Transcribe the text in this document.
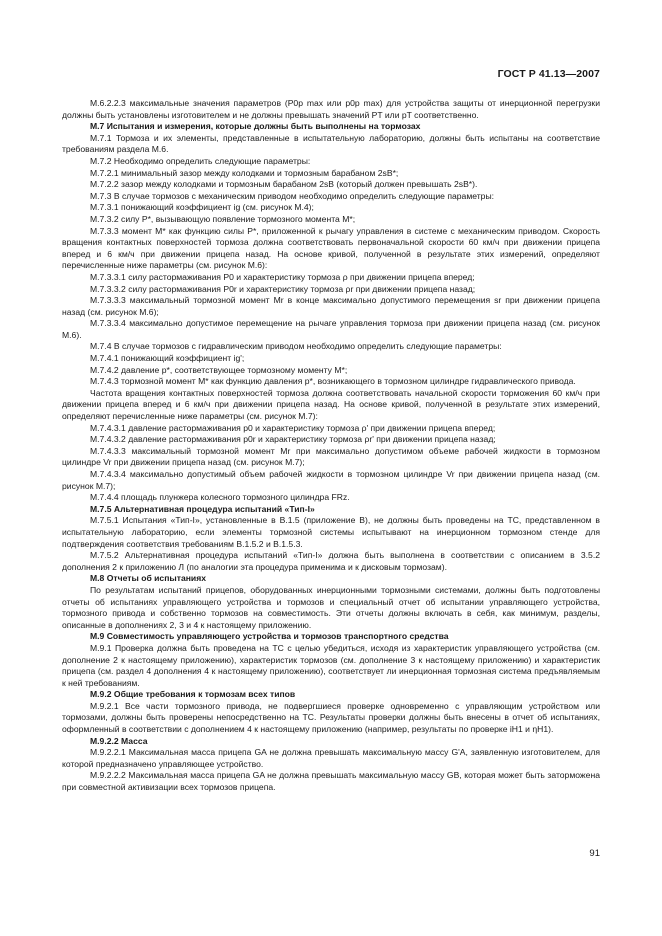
ГОСТ Р 41.13—2007

M.6.2.2.3 максимальные значения параметров (P0p max или p0p max) для устройства защиты от инерционной перегрузки должны быть установлены изготовителем и не должны превышать значений PT или pT соответственно.

М.7 Испытания и измерения, которые должны быть выполнены на тормозах

M.7.1 Тормоза и их элементы, представленные в испытательную лабораторию, должны быть испытаны на соответствие требованиям раздела М.6.

M.7.2 Необходимо определить следующие параметры:

M.7.2.1 минимальный зазор между колодками и тормозным барабаном 2sB*;

M.7.2.2 зазор между колодками и тормозным барабаном 2sB (который должен превышать 2sB*).

M.7.3 В случае тормозов с механическим приводом необходимо определить следующие параметры:

M.7.3.1 понижающий коэффициент ig (см. рисунок М.4);

M.7.3.2 силу P*, вызывающую появление тормозного момента M*;

M.7.3.3 момент M* как функцию силы P*, приложенной к рычагу управления в системе с механическим приводом. Скорость вращения контактных поверхностей тормоза должна соответствовать первоначальной скорости 60 км/ч при движении прицепа вперед и 6 км/ч при движении прицепа назад. На основе кривой, полученной в результате этих измерений, определяют перечисленные ниже параметры (см. рисунок М.6):

M.7.3.3.1 силу растормаживания P0 и характеристику тормоза ρ при движении прицепа вперед;

M.7.3.3.2 силу растормаживания P0r и характеристику тормоза ρr при движении прицепа назад;

M.7.3.3.3 максимальный тормозной момент Mr в конце максимально допустимого перемещения sr при движении прицепа назад (см. рисунок М.6);

M.7.3.3.4 максимально допустимое перемещение на рычаге управления тормоза при движении прицепа назад (см. рисунок М.6).

M.7.4 В случае тормозов с гидравлическим приводом необходимо определить следующие параметры:

M.7.4.1 понижающий коэффициент ig';

M.7.4.2 давление p*, соответствующее тормозному моменту M*;

M.7.4.3 тормозной момент M* как функцию давления p*, возникающего в тормозном цилиндре гидравлического привода.

Частота вращения контактных поверхностей тормоза должна соответствовать начальной скорости торможения 60 км/ч при движении прицепа вперед и 6 км/ч при движении прицепа назад. На основе кривой, полученной в результате этих измерений, определяют перечисленные ниже параметры (см. рисунок М.7):

M.7.4.3.1 давление растормаживания p0 и характеристику тормоза ρ' при движении прицепа вперед;

M.7.4.3.2 давление растормаживания p0r и характеристику тормоза ρr' при движении прицепа назад;

M.7.4.3.3 максимальный тормозной момент Mr при максимально допустимом объеме рабочей жидкости в тормозном цилиндре Vr при движении прицепа назад (см. рисунок М.7);

M.7.4.3.4 максимально допустимый объем рабочей жидкости в тормозном цилиндре Vr при движении прицепа назад (см. рисунок М.7);

M.7.4.4 площадь плунжера колесного тормозного цилиндра FRz.

М.7.5 Альтернативная процедура испытаний «Тип-I»

M.7.5.1 Испытания «Тип-I», установленные в В.1.5 (приложение В), не должны быть проведены на ТС, представленном в испытательную лабораторию, если элементы тормозной системы испытывают на инерционном тормозном стенде для подтверждения соответствия требованиям В.1.5.2 и В.1.5.3.

M.7.5.2 Альтернативная процедура испытаний «Тип-I» должна быть выполнена в соответствии с описанием в 3.5.2 дополнения 2 к приложению Л (по аналогии эта процедура применима и к дисковым тормозам).

М.8 Отчеты об испытаниях

По результатам испытаний прицепов, оборудованных инерционными тормозными системами, должны быть подготовлены отчеты об испытаниях управляющего устройства и тормозов и специальный отчет об испытании управляющего устройства, тормозного привода и собственно тормозов на совместимость. Эти отчеты должны включать в себя, как минимум, разделы, описанные в дополнениях 2, 3 и 4 к настоящему приложению.

М.9 Совместимость управляющего устройства и тормозов транспортного средства

M.9.1 Проверка должна быть проведена на ТС с целью убедиться, исходя из характеристик управляющего устройства (см. дополнение 2 к настоящему приложению), характеристик тормозов (см. дополнение 3 к настоящему приложению) и характеристик прицепа (см. раздел 4 дополнения 4 к настоящему приложению), соответствует ли инерционная тормозная система предъявляемым к ней требованиям.

М.9.2 Общие требования к тормозам всех типов

M.9.2.1 Все части тормозного привода, не подвергшиеся проверке одновременно с управляющим устройством или тормозами, должны быть проверены непосредственно на ТС. Результаты проверки должны быть внесены в отчет об испытаниях, оформленный в соответствии с дополнением 4 к настоящему приложению (например, результаты по проверке iH1 и ηH1).

М.9.2.2 Масса

M.9.2.2.1 Максимальная масса прицепа GA не должна превышать максимальную массу G'A, заявленную изготовителем, для которой предназначено управляющее устройство.

M.9.2.2.2 Максимальная масса прицепа GA не должна превышать максимальную массу GB, которая может быть заторможена при совместной активизации всех тормозов прицепа.

91
